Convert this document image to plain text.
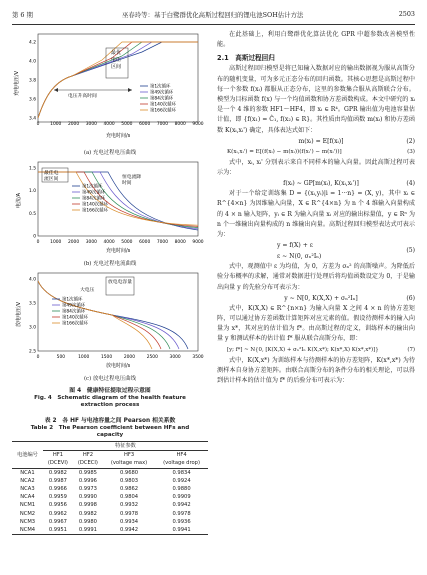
第 6 期	巫春玲等：基于白鹭群优化高斯过程回归的锂电池SOH估计方法	2503
最优
电压
区间
电压升高时间
第1次循环
第49次循环
第84次循环
第140次循环
第166次循环
充电电压/V
充电时间/s
0 1000 2000 3000 4000 5000 6000 7000 8000 9000
4.2
4.0
3.8
3.6
3.4
(a) 充电过程电压曲线
最佳电
流区间	恒电流降
时间
第1次循环
第49次循环
第84次循环
第140次循环
第166次循环
电流/A
充电时间/s
0 1000 2000 3000 4000 5000 6000 7000 8000 9000
1.5
1.0
0.5
0
(b) 充电过程电流曲线
放电电容量
大电压
第1次循环
第49次循环
第84次循环
第140次循环
第166次循环
放电电压/V
放电时间/s
0	500	1000	1500	2000	2500	3000	3500
4.0
3.5
3.0
2.5
(c) 放电过程电压曲线
图 4　健康特征提取过程示意图
Fig. 4　Schematic diagram of the health feature extraction process
表 2　各 HF 与电池容量之间 Pearson 相关系数
Table 2　The Pearson coefficient between HFs and capacity
电池编号	特征参数			
	HF1	HF2	HF3	HF4
	(DCEVI)	(DCECI)	(voltage max)	(voltage drop)
NCA1	0.9982	0.9985	0.9680	0.9834
NCA2	0.9987	0.9996	0.9803	0.9924
NCA3	0.9966	0.9973	0.9862	0.9880
NCA4	0.9959	0.9990	0.9804	0.9909
NCM1	0.9956	0.9998	0.9932	0.9942
NCM2	0.9962	0.9982	0.9978	0.9978
NCM3	0.9967	0.9980	0.9934	0.9936
NCM4	0.9951	0.9991	0.9942	0.9941

在此基础上，利用白鹭群优化算法优化 GPR 中超参数改善模型性能。

2.1　高斯过程回归

高斯过程回归模型是将已知输入数据对应的输出数据视为服从高斯分布的随机变量，可为多元正态分布的回归函数。其核心思想是高斯过程中每一个参数 f(xᵢ) 都服从正态分布，这里的参数集合服从高斯联合分布。模型为目标函数 f(x) 与一个均值函数和协方差函数构成。本文中研究的 xᵢ 是一个 4 维的参数 HF1～HF4，即 xᵢ ∈ R⁴。GPR 输出值为电池容量估计值，即 {f(x₁) = Ĉ₁, f(x₂) ∈ R}。其性质由均值函数 m(xᵢ) 和协方差函数 K(xᵢ,xᵢ') 确定，具体表达式如下：

m(xᵢ) = E[f(xᵢ)]	(2)
K(xᵢ,xᵢ') = E[(f(xᵢ) − m(xᵢ))(f(xᵢ') − m(xᵢ'))]	(3)

式中，xᵢ, xᵢ' 分别表示来自不同样本的输入向量。因此高斯过程可表示为：

f(xᵢ) ~ GP[m(xᵢ), K(xᵢ,xᵢ')]	(4)

对于一个给定训练集 D = {(xᵢ,yᵢ)|i = 1···n} = (X, y)，其中 xᵢ ∈ R^{4×n} 为因维输入向量，X ∈ R^{4×n} 为 n 个 4 维输入向量构成的 4 × n 输入矩阵，yᵢ ∈ R 为输入向量 xᵢ 对应的输出标量值，y ∈ Rⁿ 为 n 个一维输出向量构成的 n 维输出向量。高斯过程回归模型表达式可表示为：

y = f(X) + ε
ε ~ N(0, σₙ²Iₙ)
(5)

式中，观测值中 ε 为均值，为 0，方差为 σₙ² 的高斯噪声。为降低后验分布概率的求解，通常对数据进行处理后将均值函数设定为 0，于是输出向量 y 的先验分布可表示为：

y ~ N[0, K(X,X) + σₙ²Iₙ]	(6)

式中，K(X,X) ∈ R^{n×n} 为输入向量 X 之间 4 × n 的协方差矩阵，可以通过协方差函数计算矩阵对应元素的值。假设待测样本的输入向量为 x*，其对应的估计值为 f*。由高斯过程的定义，训练样本的输出向量 y 和测试样本的估计值 f* 服从联合高斯分布，即：

[y; f*] ~ N{0, [K(X,X) + σₙ²Iₙ K(X,x*); K(x*,X) K(x*,x*)]}	(7)

式中，K(X,x*) 为训练样本与待测样本的协方差矩阵，K(x*,x*) 为待测样本自身协方差矩阵。由联合高斯分布的条件分布的相关理论，可以得到估计样本的估计值为 f* 的后验分布可表示为：
